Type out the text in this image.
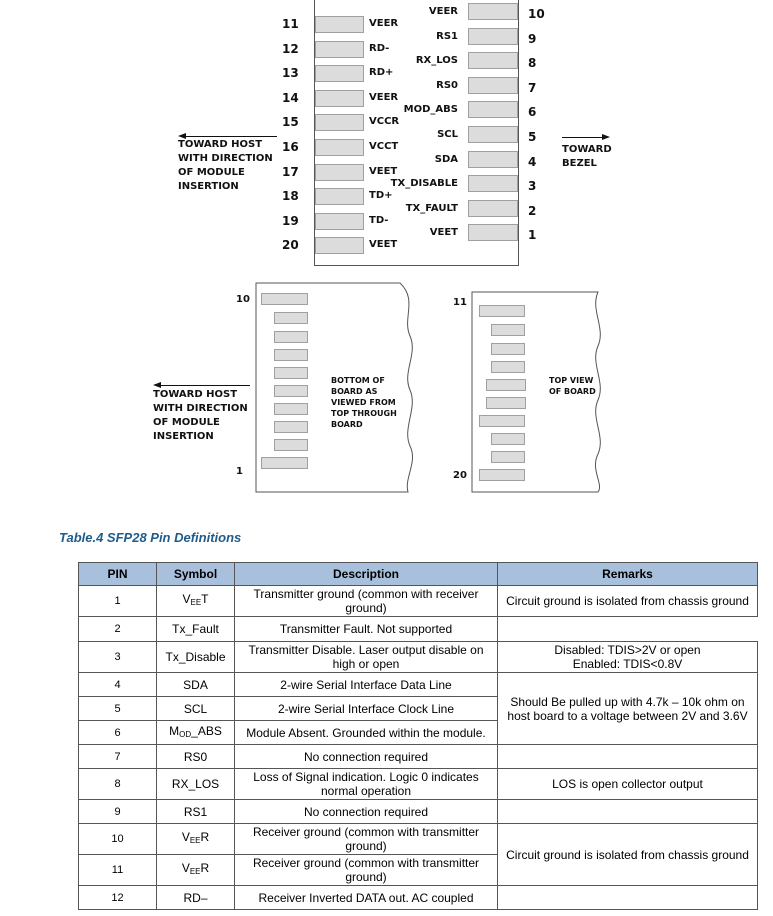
11	VEER
12	RD-
13	RD+
14	VEER
15	VCCR
16	VCCT
17	VEET
18	TD+
19	TD-
20	VEET
10
VEER
9
RS1
8
RX_LOS
7
RS0
6
MOD_ABS
5
SCL
4
SDA
3
TX_DISABLE
2
TX_FAULT
1
VEET
TOWARD HOST
WITH DIRECTION
OF MODULE
INSERTION
TOWARD
BEZEL
10
1
11
20
BOTTOM OF
BOARD AS
VIEWED FROM
TOP THROUGH
BOARD
TOP VIEW
OF BOARD
TOWARD HOST
WITH DIRECTION
OF MODULE
INSERTION
Table.4 SFP28 Pin Definitions
PIN	Symbol	Description	Remarks
1	$V_{EE}T$	Transmitter ground (common with receiver ground)	Circuit ground is isolated from chassis ground
2	Tx_Fault	Transmitter Fault. Not supported	
3	Tx_Disable	Transmitter Disable. Laser output disable on high or open	Disabled: TDIS>2V or open
Enabled: TDIS<0.8V
4	SDA	2-wire Serial Interface Data Line	Should Be pulled up with 4.7k – 10k ohm on host board to a voltage between 2V and 3.6V
5	SCL	2-wire Serial Interface Clock Line	
6	$M_{OD}\_ABS$	Module Absent. Grounded within the module.	
7	RS0	No connection required	
8	RX_LOS	Loss of Signal indication. Logic 0 indicates normal operation	LOS is open collector output
9	RS1	No connection required	
10	$V_{EE}R$	Receiver ground (common with transmitter ground)	Circuit ground is isolated from chassis ground
11	$V_{EE}R$	Receiver ground (common with transmitter ground)	
12	RD–	Receiver Inverted DATA out. AC coupled	
